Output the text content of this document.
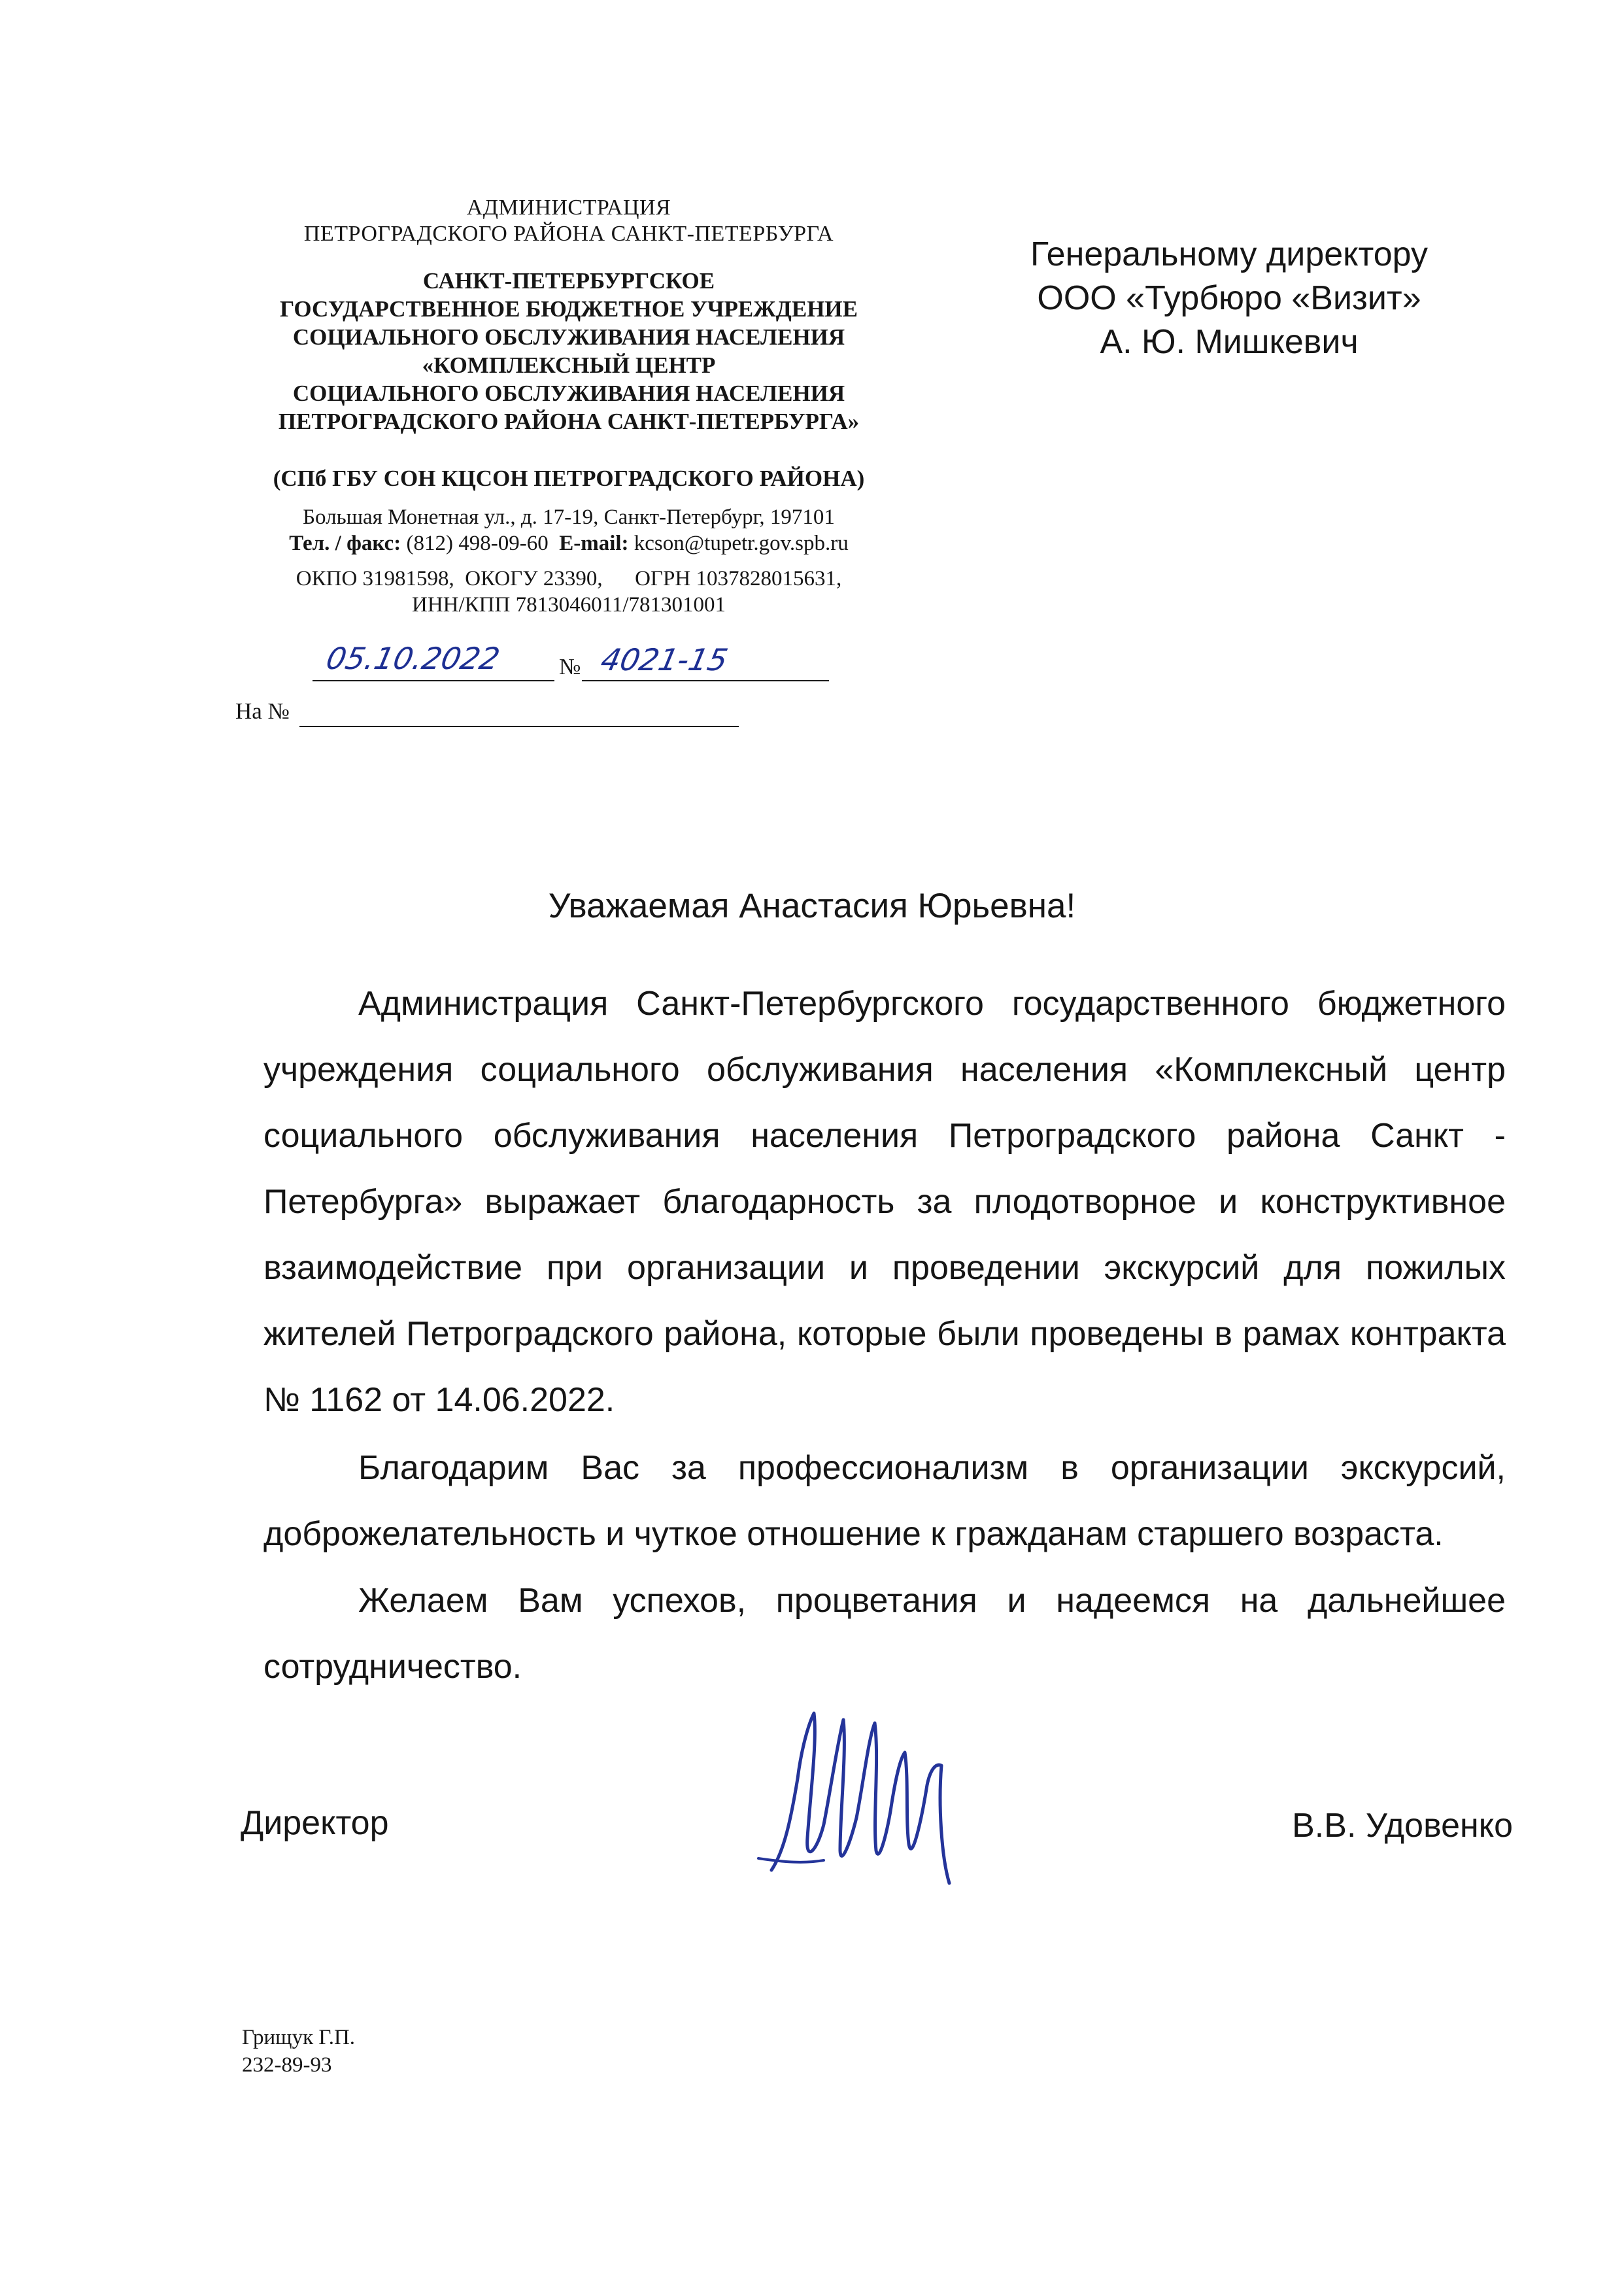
АДМИНИСТРАЦИЯ
ПЕТРОГРАДСКОГО РАЙОНА САНКТ-ПЕТЕРБУРГА
САНКТ-ПЕТЕРБУРГСКОЕ
ГОСУДАРСТВЕННОЕ БЮДЖЕТНОЕ УЧРЕЖДЕНИЕ
СОЦИАЛЬНОГО ОБСЛУЖИВАНИЯ НАСЕЛЕНИЯ
«КОМПЛЕКСНЫЙ ЦЕНТР
СОЦИАЛЬНОГО ОБСЛУЖИВАНИЯ НАСЕЛЕНИЯ
ПЕТРОГРАДСКОГО РАЙОНА САНКТ-ПЕТЕРБУРГА»
(СПб ГБУ СОН КЦСОН ПЕТРОГРАДСКОГО РАЙОНА)
Большая Монетная ул., д. 17-19, Санкт-Петербург, 197101
Тел. / факс: (812) 498-09-60 E-mail: kcson@tupetr.gov.spb.ru
ОКПО 31981598,  ОКОГУ 23390,      ОГРН 1037828015631,
ИНН/КПП 7813046011/781301001
05.10.2022 № 4021-15
На №
Генеральному директору
ООО «Турбюро «Визит»
А. Ю. Мишкевич
Уважаемая Анастасия Юрьевна!
Администрация Санкт-Петербургского государственного бюджетного учреждения социального обслуживания населения «Комплексный центр социального обслуживания населения Петроградского района Санкт - Петербурга» выражает благодарность за плодотворное и конструктивное взаимодействие при организации и проведении экскурсий для пожилых жителей Петроградского района, которые были проведены в рамах контракта № 1162 от 14.06.2022.
Благодарим Вас за профессионализм в организации экскурсий, доброжелательность и чуткое отношение к гражданам старшего возраста.
Желаем Вам успехов, процветания и надеемся на дальнейшее сотрудничество.
Директор	В.В. Удовенко
Грищук Г.П.
232-89-93
